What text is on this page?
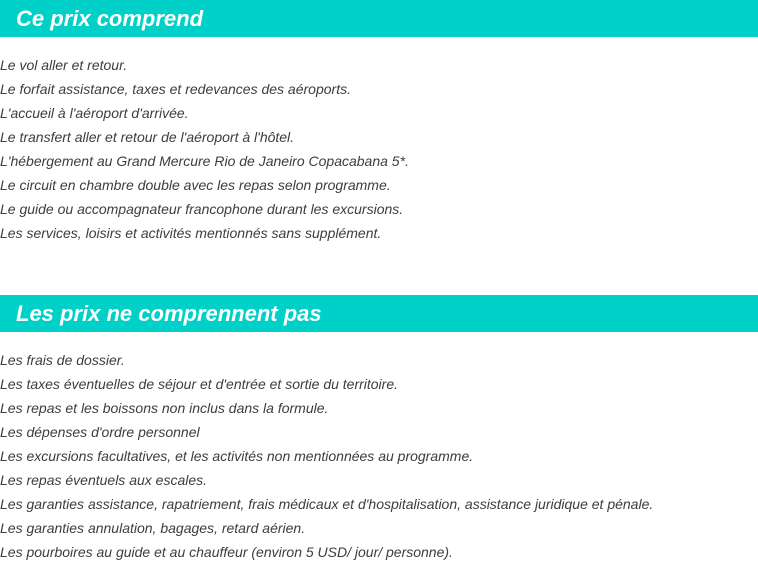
Ce prix comprend
Le vol aller et retour.
Le forfait assistance, taxes et redevances des aéroports.
L'accueil à l'aéroport d'arrivée.
Le transfert aller et retour de l'aéroport à l'hôtel.
L'hébergement au Grand Mercure Rio de Janeiro Copacabana 5*.
Le circuit en chambre double avec les repas selon programme.
Le guide ou accompagnateur francophone durant les excursions.
Les services, loisirs et activités mentionnés sans supplément.
Les prix ne comprennent pas
Les frais de dossier.
Les taxes éventuelles de séjour et d'entrée et sortie du territoire.
Les repas et les boissons non inclus dans la formule.
Les dépenses d'ordre personnel
Les excursions facultatives, et les activités non mentionnées au programme.
Les repas éventuels aux escales.
Les garanties assistance, rapatriement, frais médicaux et d'hospitalisation, assistance juridique et pénale.
Les garanties annulation, bagages, retard aérien.
Les pourboires au guide et au chauffeur (environ 5 USD/ jour/ personne).
